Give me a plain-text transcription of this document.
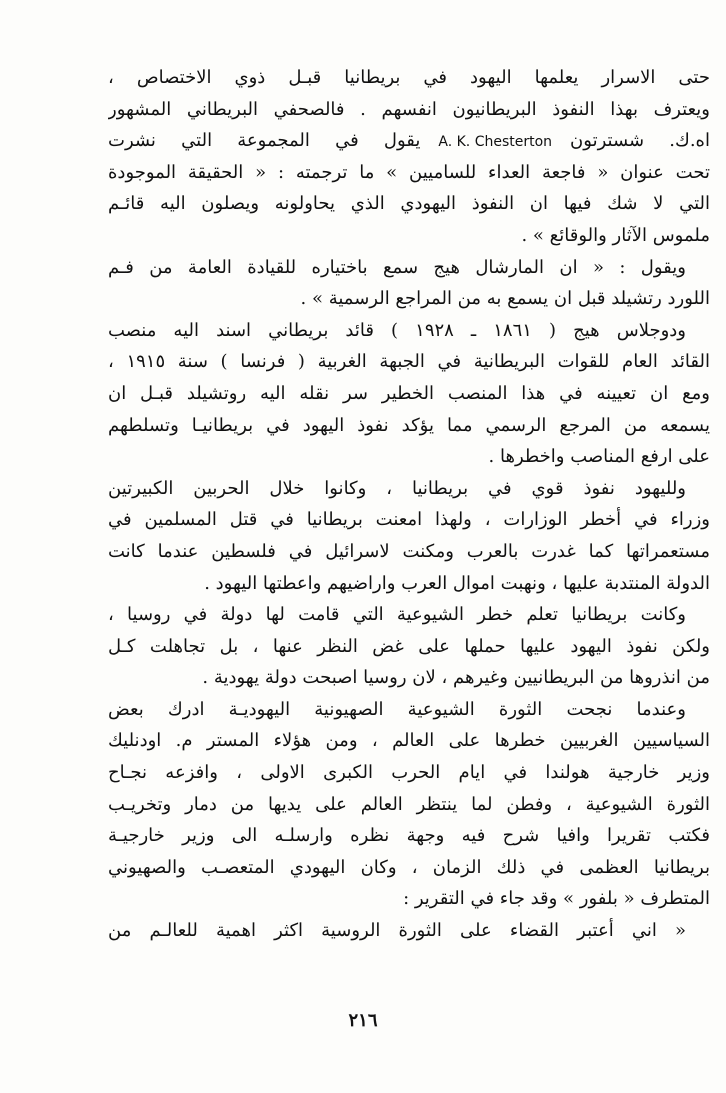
حتى الاسرار يعلمها اليهود في بريطانيا قبـل ذوي الاختصاص ،
ويعترف بهذا النفوذ البريطانيون انفسهم . فالصحفي البريطاني المشهور
اه.ك. شسترتونA. K. Chestertonيقول في المجموعة التي نشرت
تحت عنوان « فاجعة العداء للساميين » ما ترجمته : « الحقيقة الموجودة
التي لا شك فيها ان النفوذ اليهودي الذي يحاولونه ويصلون اليه قائـم
ملموس الآثار والوقائع » .
ويقول : « ان المارشال هيج سمع باختياره للقيادة العامة من فـم
اللورد رتشيلد قبل ان يسمع به من المراجع الرسمية » .
ودوجلاس هيج ( ١٨٦١ ـ ١٩٢٨ ) قائد بريطاني اسند اليه منصب
القائد العام للقوات البريطانية في الجبهة الغربية ( فرنسا ) سنة ١٩١٥ ،
ومع ان تعيينه في هذا المنصب الخطير سر نقله اليه روتشيلد قبـل ان
يسمعه من المرجع الرسمي مما يؤكد نفوذ اليهود في بريطانيـا وتسلطهم
على ارفع المناصب واخطرها .
ولليهود نفوذ قوي في بريطانيا ، وكانوا خلال الحربين الكبيرتين
وزراء في أخطر الوزارات ، ولهذا امعنت بريطانيا في قتل المسلمين في
مستعمراتها كما غدرت بالعرب ومكنت لاسرائيل في فلسطين عندما كانت
الدولة المنتدبة عليها ، ونهبت اموال العرب واراضيهم واعطتها اليهود .
وكانت بريطانيا تعلم خطر الشيوعية التي قامت لها دولة في روسيا ،
ولكن نفوذ اليهود عليها حملها على غض النظر عنها ، بل تجاهلت كـل
من انذروها من البريطانيين وغيرهم ، لان روسيا اصبحت دولة يهودية .
وعندما نجحت الثورة الشيوعية الصهيونية اليهوديـة ادرك بعض
السياسيين الغربيين خطرها على العالم ، ومن هؤلاء المستر م. اودنليك
وزير خارجية هولندا في ايام الحرب الكبرى الاولى ، وافزعه نجـاح
الثورة الشيوعية ، وفطن لما ينتظر العالم على يديها من دمار وتخريـب
فكتب تقريرا وافيا شرح فيه وجهة نظره وارسلـه الى وزير خارجيـة
بريطانيا العظمى في ذلك الزمان ، وكان اليهودي المتعصـب والصهيوني
المتطرف « بلفور » وقد جاء في التقرير :
« اني أعتبر القضاء على الثورة الروسية اكثر اهمية للعالـم من
٢١٦
